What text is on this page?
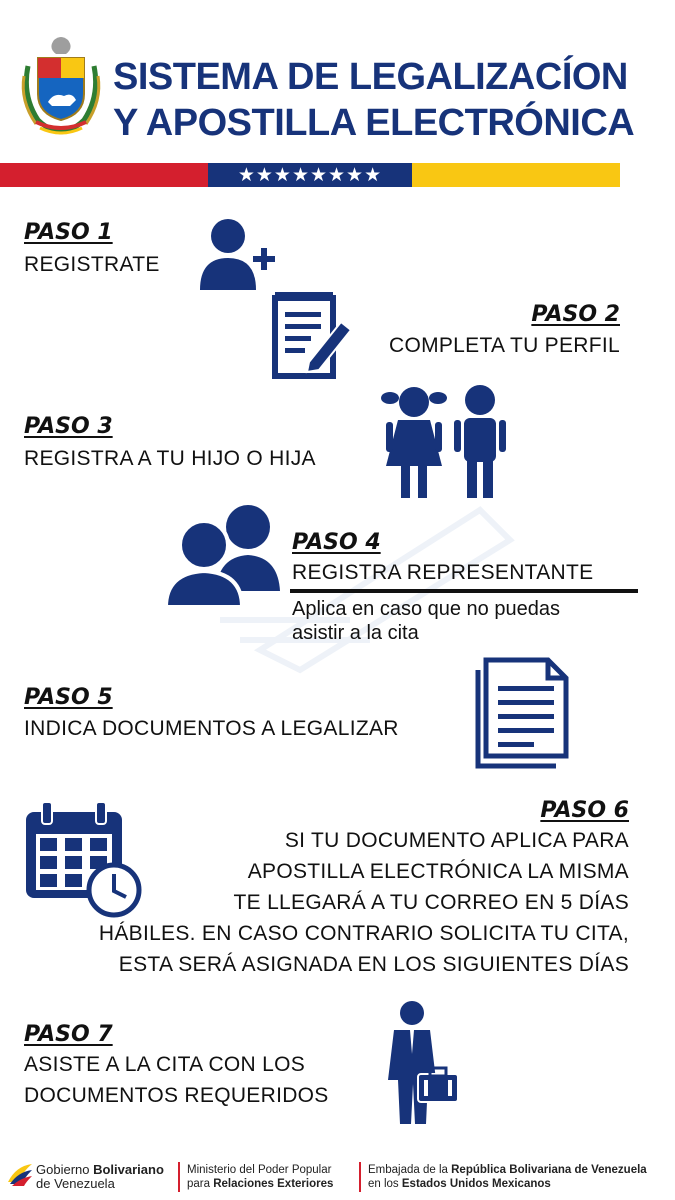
SISTEMA DE LEGALIZACÍON
Y APOSTILLA ELECTRÓNICA
★★★★★★★★
PASO 1
REGISTRATE
PASO 2
COMPLETA TU PERFIL
PASO 3
REGISTRA A TU HIJO O HIJA
PASO 4
REGISTRA REPRESENTANTE
Aplica en caso que no puedas
asistir a la cita
PASO 5
INDICA DOCUMENTOS A LEGALIZAR
PASO 6
SI TU DOCUMENTO APLICA PARA
APOSTILLA ELECTRÓNICA LA MISMA
TE LLEGARÁ A TU CORREO EN 5 DÍAS
HÁBILES. EN CASO CONTRARIO SOLICITA TU CITA,
ESTA SERÁ ASIGNADA EN LOS SIGUIENTES DÍAS
PASO 7
ASISTE A LA CITA CON LOS
DOCUMENTOS REQUERIDOS
Gobierno Bolivariano
de Venezuela
Ministerio del Poder Popular
para Relaciones Exteriores
Embajada de la República Bolivariana de Venezuela
en los Estados Unidos Mexicanos
